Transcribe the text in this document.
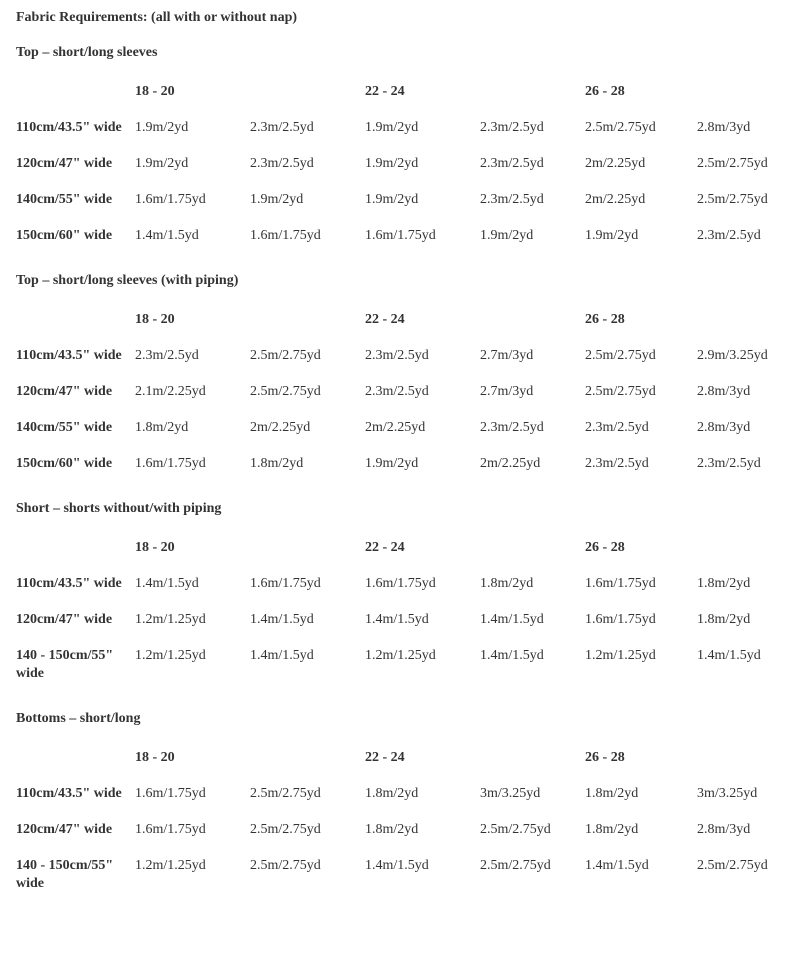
Fabric Requirements: (all with or without nap)

Top – short/long sleeves

	18 - 20		22 - 24		26 - 28	
110cm/43.5" wide	1.9m/2yd	2.3m/2.5yd	1.9m/2yd	2.3m/2.5yd	2.5m/2.75yd	2.8m/3yd
120cm/47" wide	1.9m/2yd	2.3m/2.5yd	1.9m/2yd	2.3m/2.5yd	2m/2.25yd	2.5m/2.75yd
140cm/55" wide	1.6m/1.75yd	1.9m/2yd	1.9m/2yd	2.3m/2.5yd	2m/2.25yd	2.5m/2.75yd
150cm/60" wide	1.4m/1.5yd	1.6m/1.75yd	1.6m/1.75yd	1.9m/2yd	1.9m/2yd	2.3m/2.5yd

Top – short/long sleeves (with piping)

	18 - 20		22 - 24		26 - 28	
110cm/43.5" wide	2.3m/2.5yd	2.5m/2.75yd	2.3m/2.5yd	2.7m/3yd	2.5m/2.75yd	2.9m/3.25yd
120cm/47" wide	2.1m/2.25yd	2.5m/2.75yd	2.3m/2.5yd	2.7m/3yd	2.5m/2.75yd	2.8m/3yd
140cm/55" wide	1.8m/2yd	2m/2.25yd	2m/2.25yd	2.3m/2.5yd	2.3m/2.5yd	2.8m/3yd
150cm/60" wide	1.6m/1.75yd	1.8m/2yd	1.9m/2yd	2m/2.25yd	2.3m/2.5yd	2.3m/2.5yd

Short – shorts without/with piping

	18 - 20		22 - 24		26 - 28	
110cm/43.5" wide	1.4m/1.5yd	1.6m/1.75yd	1.6m/1.75yd	1.8m/2yd	1.6m/1.75yd	1.8m/2yd
120cm/47" wide	1.2m/1.25yd	1.4m/1.5yd	1.4m/1.5yd	1.4m/1.5yd	1.6m/1.75yd	1.8m/2yd
140 - 150cm/55" wide	1.2m/1.25yd	1.4m/1.5yd	1.2m/1.25yd	1.4m/1.5yd	1.2m/1.25yd	1.4m/1.5yd

Bottoms – short/long

	18 - 20		22 - 24		26 - 28	
110cm/43.5" wide	1.6m/1.75yd	2.5m/2.75yd	1.8m/2yd	3m/3.25yd	1.8m/2yd	3m/3.25yd
120cm/47" wide	1.6m/1.75yd	2.5m/2.75yd	1.8m/2yd	2.5m/2.75yd	1.8m/2yd	2.8m/3yd
140 - 150cm/55" wide	1.2m/1.25yd	2.5m/2.75yd	1.4m/1.5yd	2.5m/2.75yd	1.4m/1.5yd	2.5m/2.75yd
